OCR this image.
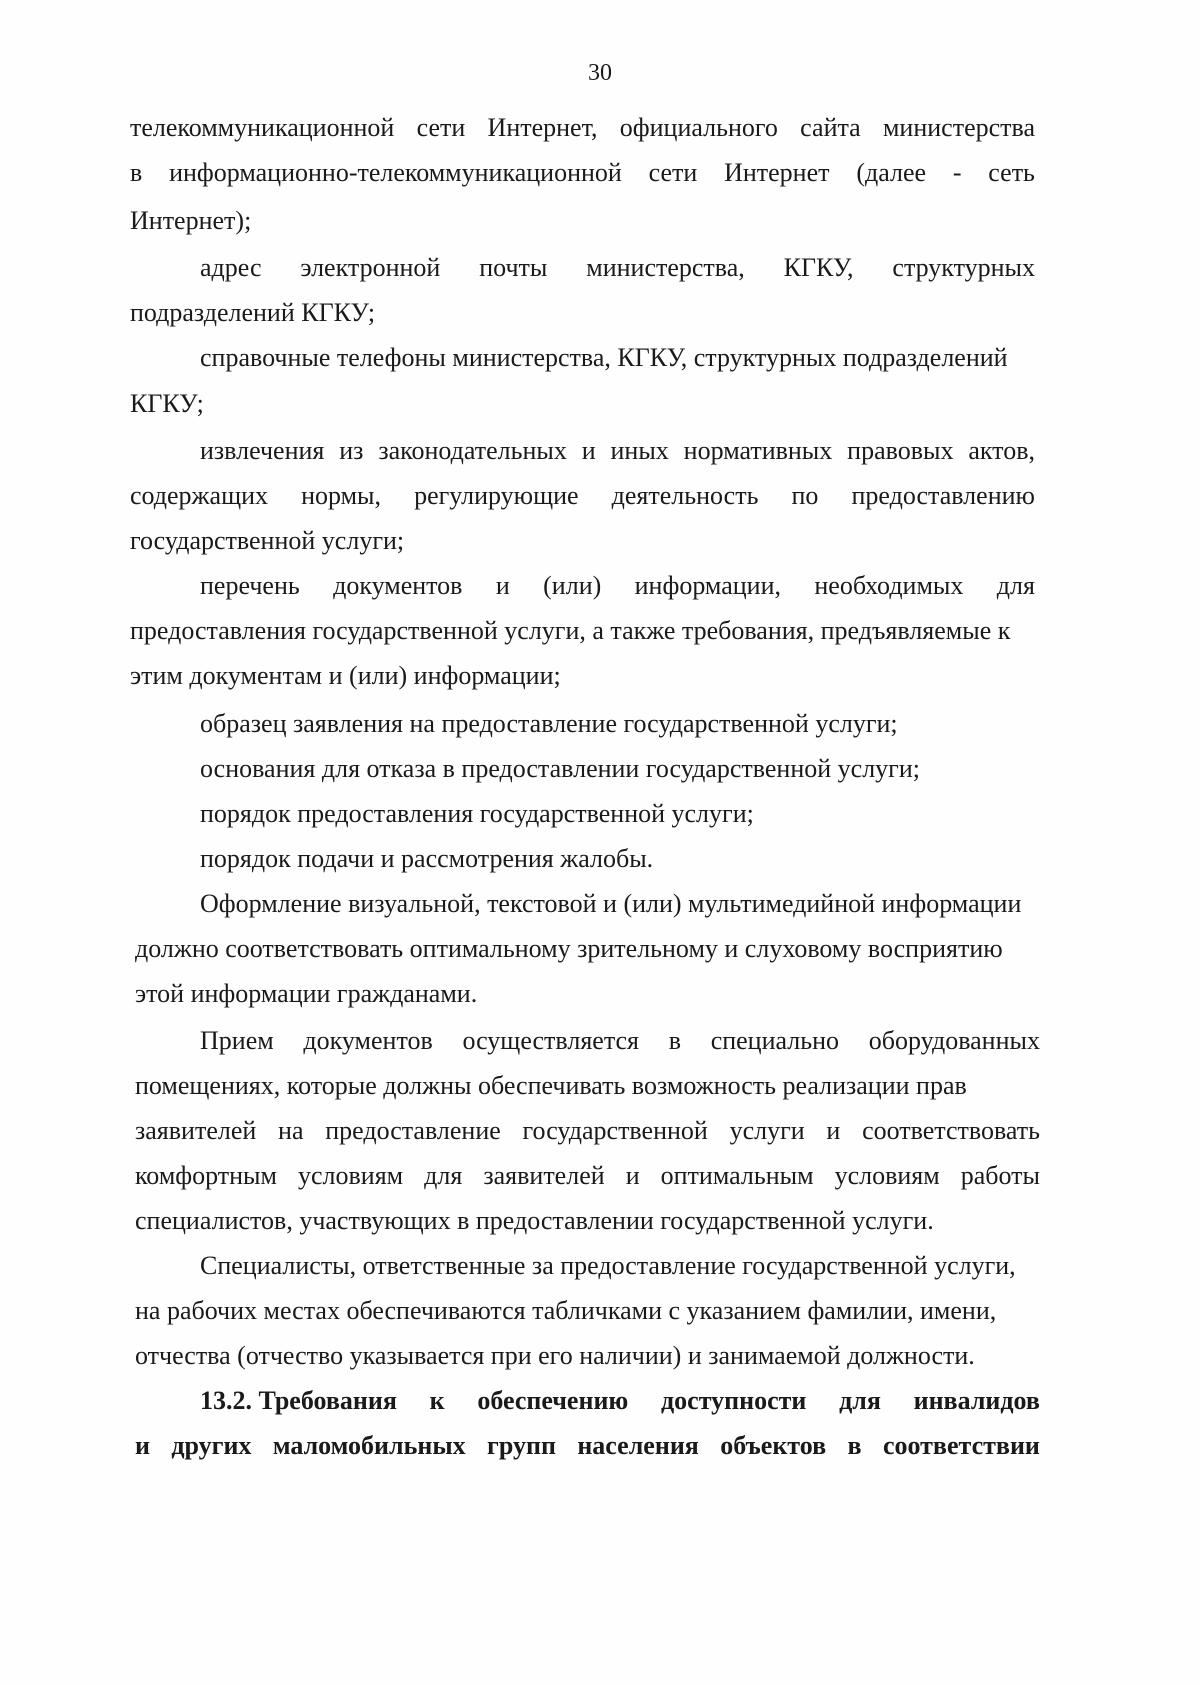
30
телекоммуникационной сети Интернет, официального сайта министерства
в информационно-телекоммуникационной сети Интернет (далее - сеть
Интернет);
адрес электронной почты министерства, КГКУ, структурных
подразделений КГКУ;
справочные телефоны министерства, КГКУ, структурных подразделений
КГКУ;
извлечения из законодательных и иных нормативных правовых актов,
содержащих нормы, регулирующие деятельность по предоставлению
государственной услуги;
перечень документов и (или) информации, необходимых для
предоставления государственной услуги, а также требования, предъявляемые к
этим документам и (или) информации;
образец заявления на предоставление государственной услуги;
основания для отказа в предоставлении государственной услуги;
порядок предоставления государственной услуги;
порядок подачи и рассмотрения жалобы.
Оформление визуальной, текстовой и (или) мультимедийной информации
должно соответствовать оптимальному зрительному и слуховому восприятию
этой информации гражданами.
Прием документов осуществляется в специально оборудованных
помещениях, которые должны обеспечивать возможность реализации прав
заявителей на предоставление государственной услуги и соответствовать
комфортным условиям для заявителей и оптимальным условиям работы
специалистов, участвующих в предоставлении государственной услуги.
Специалисты, ответственные за предоставление государственной услуги,
на рабочих местах обеспечиваются табличками с указанием фамилии, имени,
отчества (отчество указывается при его наличии) и занимаемой должности.
13.2. Требования к обеспечению доступности для инвалидов
и других маломобильных групп населения объектов в соответствии
